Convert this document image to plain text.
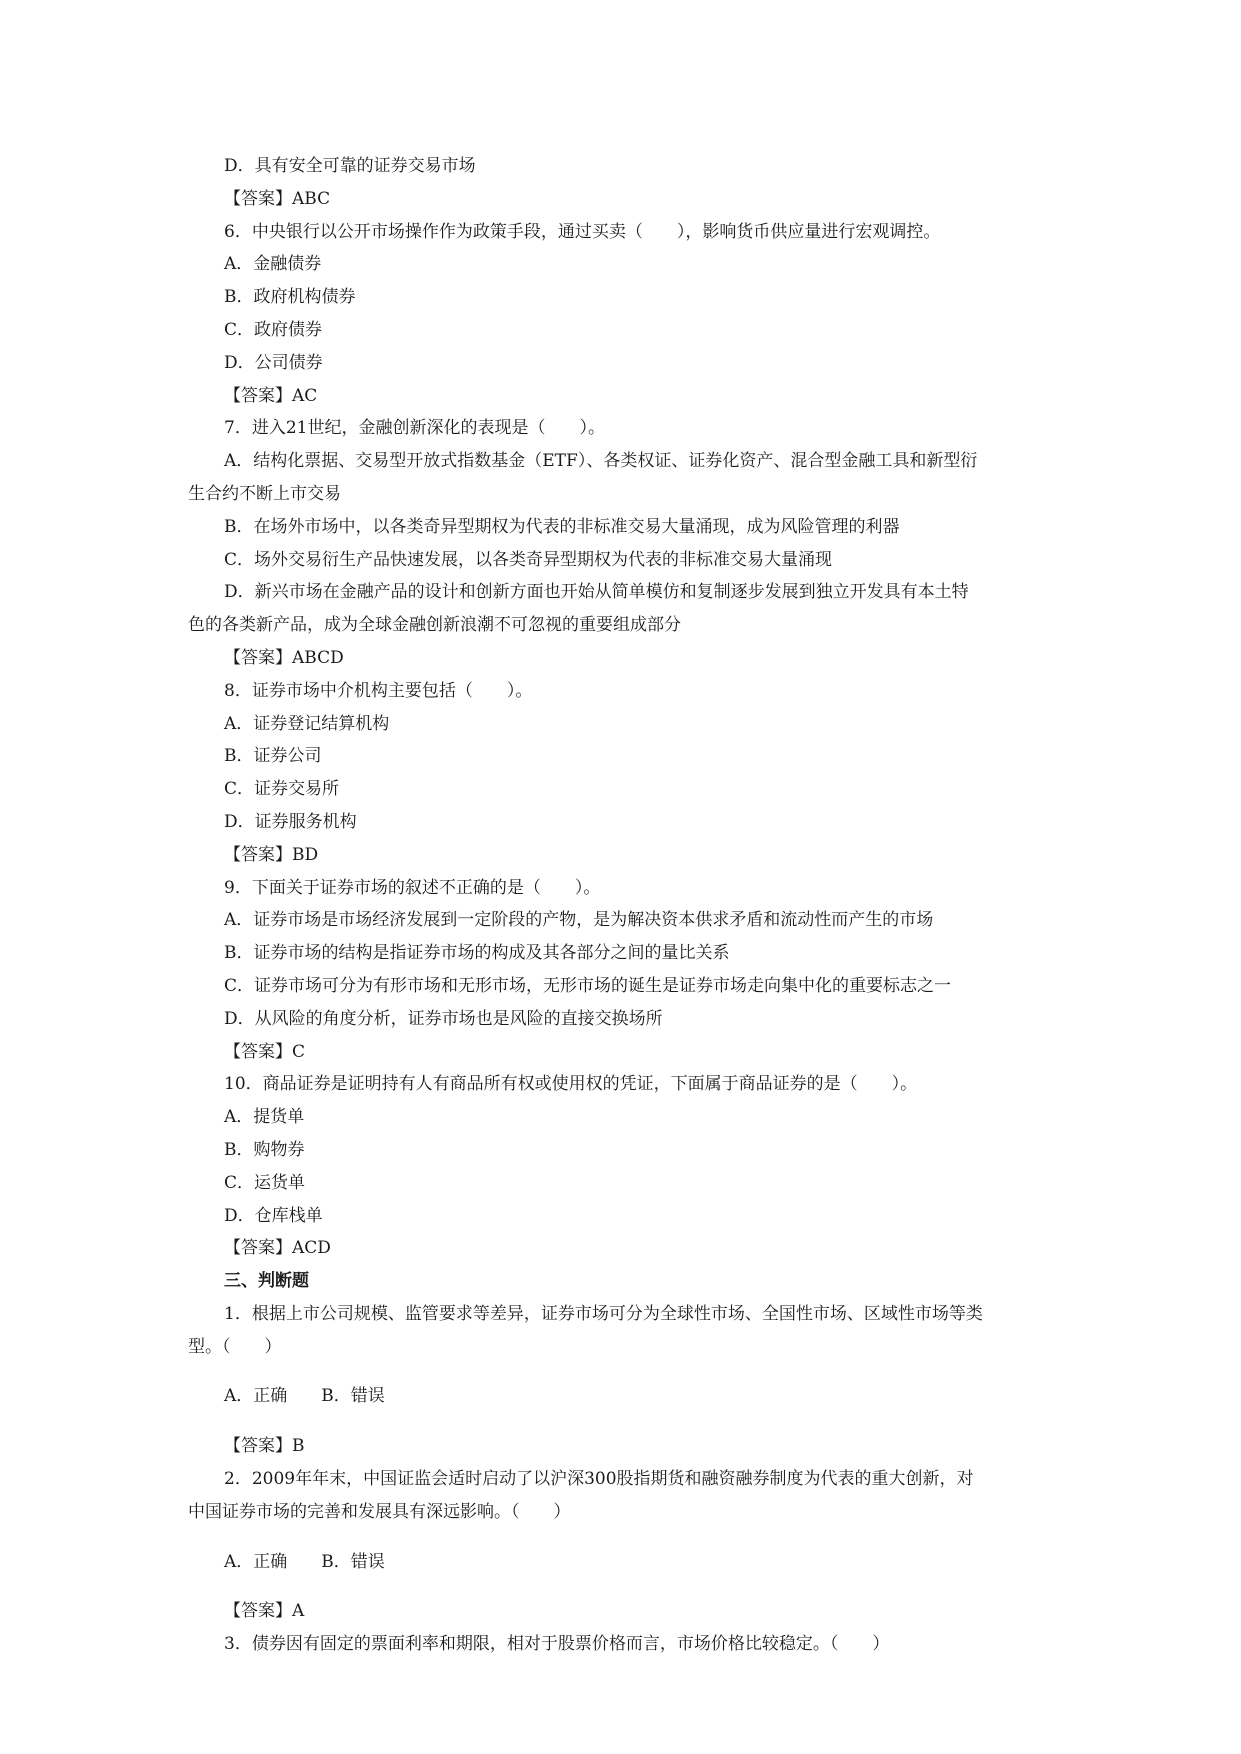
D．具有安全可靠的证券交易市场

【答案】ABC

6．中央银行以公开市场操作作为政策手段，通过买卖（　　），影响货币供应量进行宏观调控。

A．金融债券

B．政府机构债券

C．政府债券

D．公司债券

【答案】AC

7．进入21世纪，金融创新深化的表现是（　　）。

A．结构化票据、交易型开放式指数基金（ETF）、各类权证、证券化资产、混合型金融工具和新型衍

生合约不断上市交易

B．在场外市场中，以各类奇异型期权为代表的非标准交易大量涌现，成为风险管理的利器

C．场外交易衍生产品快速发展，以各类奇异型期权为代表的非标准交易大量涌现

D．新兴市场在金融产品的设计和创新方面也开始从简单模仿和复制逐步发展到独立开发具有本土特

色的各类新产品，成为全球金融创新浪潮不可忽视的重要组成部分

【答案】ABCD

8．证券市场中介机构主要包括（　　）。

A．证券登记结算机构

B．证券公司

C．证券交易所

D．证券服务机构

【答案】BD

9．下面关于证券市场的叙述不正确的是（　　）。

A．证券市场是市场经济发展到一定阶段的产物，是为解决资本供求矛盾和流动性而产生的市场

B．证券市场的结构是指证券市场的构成及其各部分之间的量比关系

C．证券市场可分为有形市场和无形市场，无形市场的诞生是证券市场走向集中化的重要标志之一

D．从风险的角度分析，证券市场也是风险的直接交换场所

【答案】C

10．商品证券是证明持有人有商品所有权或使用权的凭证，下面属于商品证券的是（　　）。

A．提货单

B．购物券

C．运货单

D．仓库栈单

【答案】ACD

三、判断题

1．根据上市公司规模、监管要求等差异，证券市场可分为全球性市场、全国性市场、区域性市场等类

型。（　　）

A．正确 B．错误

【答案】B

2．2009年年末，中国证监会适时启动了以沪深300股指期货和融资融券制度为代表的重大创新，对

中国证券市场的完善和发展具有深远影响。（　　）

A．正确 B．错误

【答案】A

3．债券因有固定的票面利率和期限，相对于股票价格而言，市场价格比较稳定。（　　）
